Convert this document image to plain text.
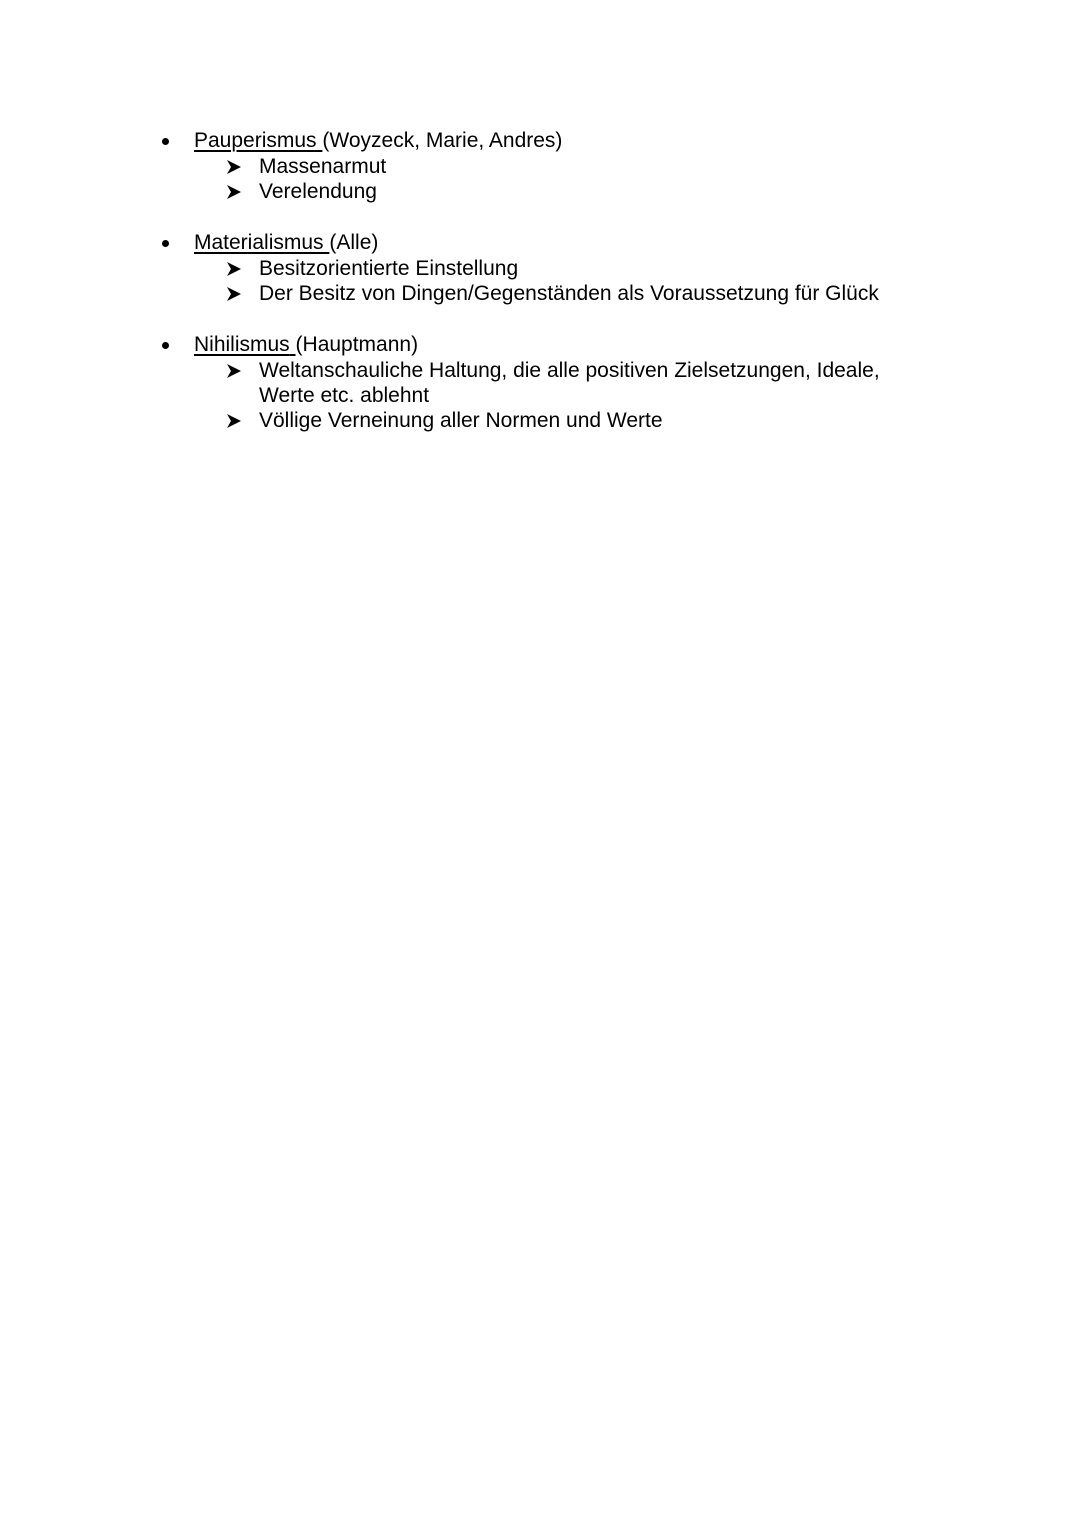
Pauperismus (Woyzeck, Marie, Andres)
Massenarmut
Verelendung
Materialismus (Alle)
Besitzorientierte Einstellung
Der Besitz von Dingen/Gegenständen als Voraussetzung für Glück
Nihilismus (Hauptmann)
Weltanschauliche Haltung, die alle positiven Zielsetzungen, Ideale, Werte etc. ablehnt
Völlige Verneinung aller Normen und Werte
